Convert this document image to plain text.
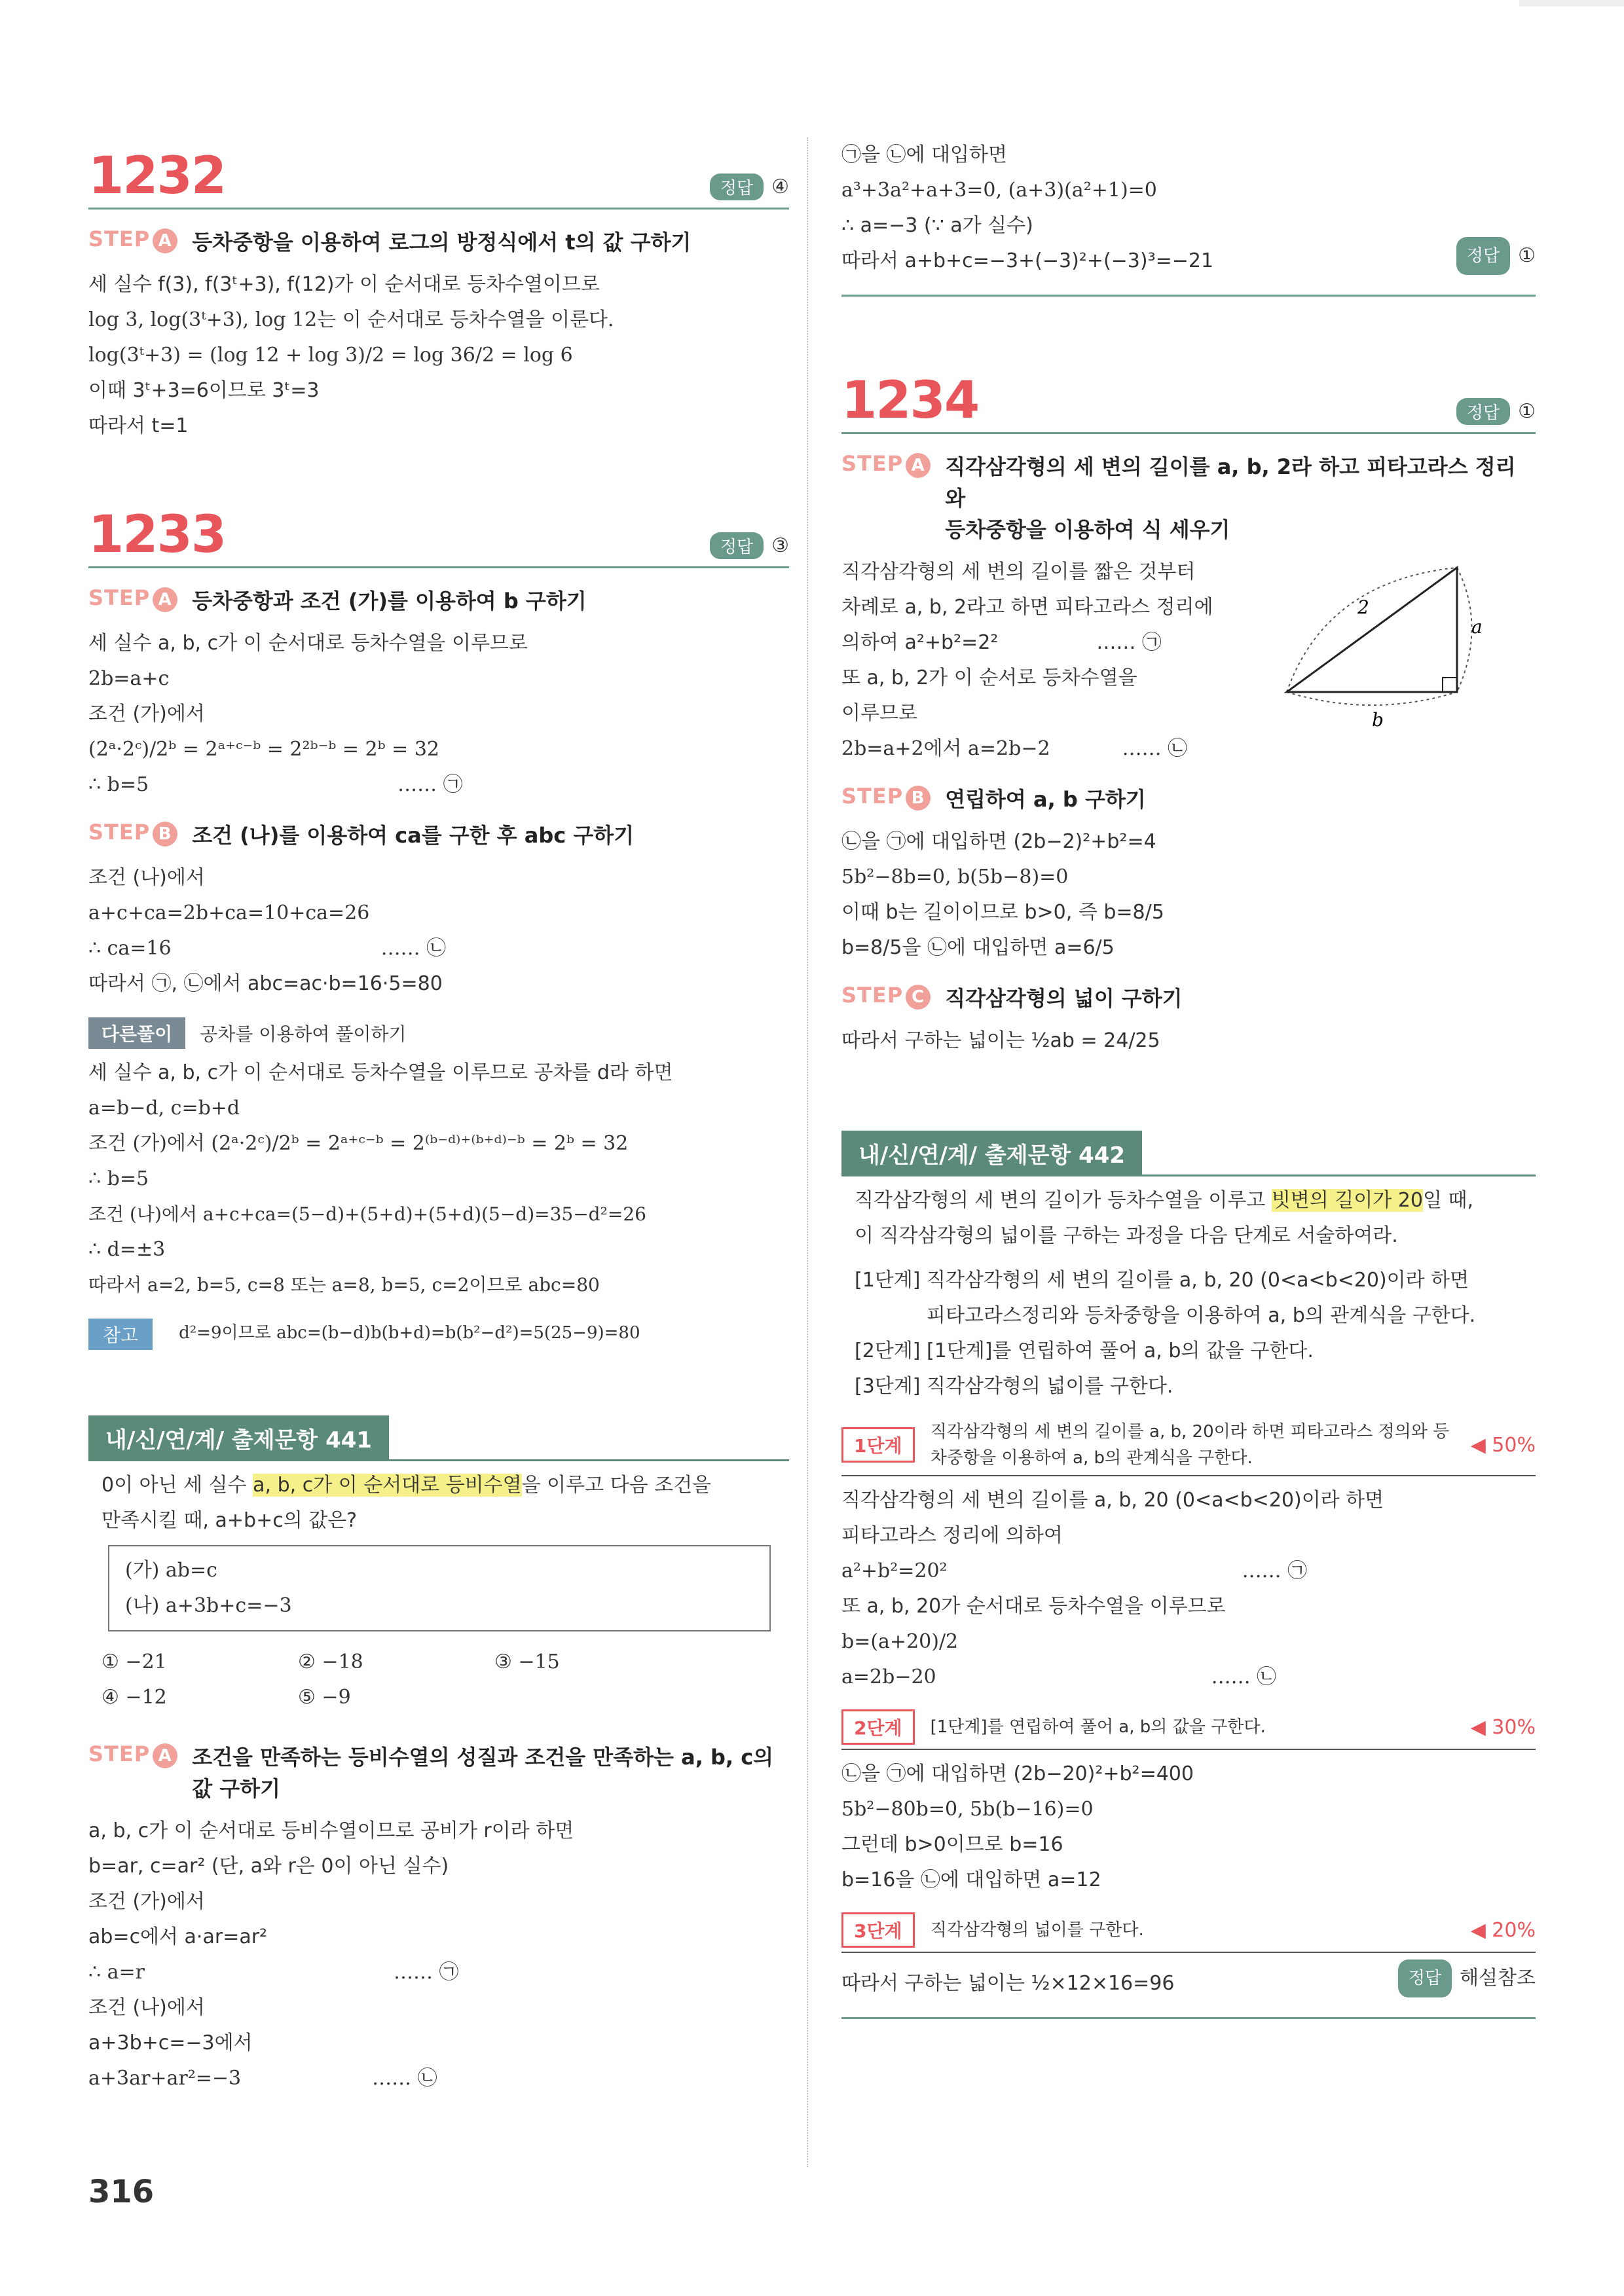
1232	정답 ④
STEP A 등차중항을 이용하여 로그의 방정식에서 t의 값 구하기
세 실수 f(3), f(3ᵗ+3), f(12)가 이 순서대로 등차수열이므로
log 3, log(3ᵗ+3), log 12는 이 순서대로 등차수열을 이룬다.
log(3ᵗ+3) = (log 12 + log 3)/2 = log 36/2 = log 6
이때 3ᵗ+3=6이므로 3ᵗ=3
따라서 t=1
1233	정답 ③
STEP A 등차중항과 조건 (가)를 이용하여 b 구하기
세 실수 a, b, c가 이 순서대로 등차수열을 이루므로
2b=a+c
조건 (가)에서
(2ᵃ·2ᶜ)/2ᵇ = 2ᵃ⁺ᶜ⁻ᵇ = 2²ᵇ⁻ᵇ = 2ᵇ = 32
∴ b=5	…… ㉠
STEP B 조건 (나)를 이용하여 ca를 구한 후 abc 구하기
조건 (나)에서
a+c+ca=2b+ca=10+ca=26
∴ ca=16	…… ㉡
따라서 ㉠, ㉡에서 abc=ac·b=16·5=80
다른풀이	공차를 이용하여 풀이하기
세 실수 a, b, c가 이 순서대로 등차수열을 이루므로 공차를 d라 하면
a=b−d, c=b+d
조건 (가)에서 (2ᵃ·2ᶜ)/2ᵇ = 2ᵃ⁺ᶜ⁻ᵇ = 2⁽ᵇ⁻ᵈ⁾⁺⁽ᵇ⁺ᵈ⁾⁻ᵇ = 2ᵇ = 32
∴ b=5
조건 (나)에서 a+c+ca=(5−d)+(5+d)+(5+d)(5−d)=35−d²=26
∴ d=±3
따라서 a=2, b=5, c=8 또는 a=8, b=5, c=2이므로 abc=80
참고	d²=9이므로 abc=(b−d)b(b+d)=b(b²−d²)=5(25−9)=80
내/신/연/계/ 출제문항 441
0이 아닌 세 실수 a, b, c가 이 순서대로 등비수열을 이루고 다음 조건을
만족시킬 때, a+b+c의 값은?
(가) ab=c
(나) a+3b+c=−3
① −21	② −18	③ −15
④ −12	⑤ −9
STEP A 조건을 만족하는 등비수열의 성질과 조건을 만족하는 a, b, c의 값 구하기
a, b, c가 이 순서대로 등비수열이므로 공비가 r이라 하면
b=ar, c=ar² (단, a와 r은 0이 아닌 실수)
조건 (가)에서
ab=c에서 a·ar=ar²
∴ a=r	…… ㉠
조건 (나)에서
a+3b+c=−3에서
a+3ar+ar²=−3	…… ㉡
㉠을 ㉡에 대입하면
a³+3a²+a+3=0, (a+3)(a²+1)=0
∴ a=−3 (∵ a가 실수)
따라서 a+b+c=−3+(−3)²+(−3)³=−21	정답 ①
1234	정답 ①
STEP A 직각삼각형의 세 변의 길이를 a, b, 2라 하고 피타고라스 정리와
등차중항을 이용하여 식 세우기
직각삼각형의 세 변의 길이를 짧은 것부터
차례로 a, b, 2라고 하면 피타고라스 정리에
의하여 a²+b²=2²	…… ㉠
또 a, b, 2가 이 순서로 등차수열을
이루므로
2b=a+2에서 a=2b−2	…… ㉡
2
a
b
STEP B 연립하여 a, b 구하기
㉡을 ㉠에 대입하면 (2b−2)²+b²=4
5b²−8b=0, b(5b−8)=0
이때 b는 길이이므로 b>0, 즉 b=8/5
b=8/5을 ㉡에 대입하면 a=6/5
STEP C 직각삼각형의 넓이 구하기
따라서 구하는 넓이는 ½ab = 24/25
내/신/연/계/ 출제문항 442
직각삼각형의 세 변의 길이가 등차수열을 이루고 빗변의 길이가 20일 때,
이 직각삼각형의 넓이를 구하는 과정을 다음 단계로 서술하여라.
[1단계] 직각삼각형의 세 변의 길이를 a, b, 20 (0<a<b<20)이라 하면
피타고라스정리와 등차중항을 이용하여 a, b의 관계식을 구한다.
[2단계] [1단계]를 연립하여 풀어 a, b의 값을 구한다.
[3단계] 직각삼각형의 넓이를 구한다.
1단계
직각삼각형의 세 변의 길이를 a, b, 20이라 하면 피타고라스 정의와 등차중항을 이용하여 a, b의 관계식을 구한다.
◀ 50%
직각삼각형의 세 변의 길이를 a, b, 20 (0<a<b<20)이라 하면
피타고라스 정리에 의하여
a²+b²=20²	…… ㉠
또 a, b, 20가 순서대로 등차수열을 이루므로
b=(a+20)/2
a=2b−20	…… ㉡
2단계	[1단계]를 연립하여 풀어 a, b의 값을 구한다.	◀ 30%
㉡을 ㉠에 대입하면 (2b−20)²+b²=400
5b²−80b=0, 5b(b−16)=0
그런데 b>0이므로 b=16
b=16을 ㉡에 대입하면 a=12
3단계	직각삼각형의 넓이를 구한다.	◀ 20%
따라서 구하는 넓이는 ½×12×16=96	정답 해설참조
316
